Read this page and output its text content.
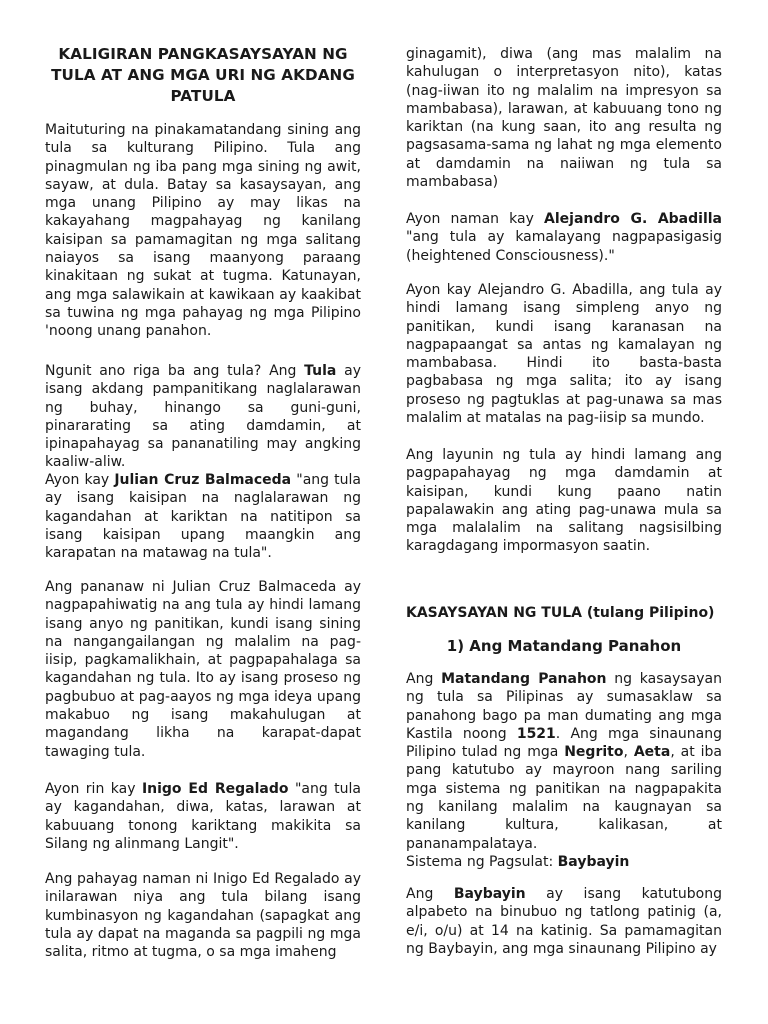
KALIGIRAN PANGKASAYSAYAN NG TULA AT ANG MGA URI NG AKDANG PATULA

Maituturing na pinakamatandang sining ang tula sa kulturang Pilipino. Tula ang pinagmulan ng iba pang mga sining ng awit, sayaw, at dula. Batay sa kasaysayan, ang mga unang Pilipino ay may likas na kakayahang magpahayag ng kanilang kaisipan sa pamamagitan ng mga salitang naiayos sa isang maanyong paraang kinakitaan ng sukat at tugma. Katunayan, ang mga salawikain at kawikaan ay kaakibat sa tuwina ng mga pahayag ng mga Pilipino 'noong unang panahon.

Ngunit ano riga ba ang tula? Ang Tula ay isang akdang pampanitikang naglalarawan ng buhay, hinango sa guni-guni, pinararating sa ating damdamin, at ipinapahayag sa pananatiling may angking kaaliw-aliw.

Ayon kay Julian Cruz Balmaceda "ang tula ay isang kaisipan na naglalarawan ng kagandahan at kariktan na natitipon sa isang kaisipan upang maangkin ang karapatan na matawag na tula".

Ang pananaw ni Julian Cruz Balmaceda ay nagpapahiwatig na ang tula ay hindi lamang isang anyo ng panitikan, kundi isang sining na nangangailangan ng malalim na pag-iisip, pagkamalikhain, at pagpapahalaga sa kagandahan ng tula. Ito ay isang proseso ng pagbubuo at pag-aayos ng mga ideya upang makabuo ng isang makahulugan at magandang likha na karapat-dapat tawaging tula.

Ayon rin kay Inigo Ed Regalado "ang tula ay kagandahan, diwa, katas, larawan at kabuuang tonong kariktang makikita sa Silang ng alinmang Langit".

Ang pahayag naman ni Inigo Ed Regalado ay inilarawan niya ang tula bilang isang kumbinasyon ng kagandahan (sapagkat ang tula ay dapat na maganda sa pagpili ng mga salita, ritmo at tugma, o sa mga imaheng

ginagamit), diwa (ang mas malalim na kahulugan o interpretasyon nito), katas (nag-iiwan ito ng malalim na impresyon sa mambabasa), larawan, at kabuuang tono ng kariktan (na kung saan, ito ang resulta ng pagsasama-sama ng lahat ng mga elemento at damdamin na naiiwan ng tula sa mambabasa)

Ayon naman kay Alejandro G. Abadilla "ang tula ay kamalayang nagpapasigasig (heightened Consciousness)."

Ayon kay Alejandro G. Abadilla, ang tula ay hindi lamang isang simpleng anyo ng panitikan, kundi isang karanasan na nagpapaangat sa antas ng kamalayan ng mambabasa. Hindi ito basta-basta pagbabasa ng mga salita; ito ay isang proseso ng pagtuklas at pag-unawa sa mas malalim at matalas na pag-iisip sa mundo.

Ang layunin ng tula ay hindi lamang ang pagpapahayag ng mga damdamin at kaisipan, kundi kung paano natin papalawakin ang ating pag-unawa mula sa mga malalalim na salitang nagsisilbing karagdagang impormasyon saatin.

KASAYSAYAN NG TULA (tulang Pilipino)
1) Ang Matandang Panahon

Ang Matandang Panahon ng kasaysayan ng tula sa Pilipinas ay sumasaklaw sa panahong bago pa man dumating ang mga Kastila noong 1521. Ang mga sinaunang Pilipino tulad ng mga Negrito, Aeta, at iba pang katutubo ay mayroon nang sariling mga sistema ng panitikan na nagpapakita ng kanilang malalim na kaugnayan sa kanilang kultura, kalikasan, at pananampalataya.

Sistema ng Pagsulat: Baybayin

Ang Baybayin ay isang katutubong alpabeto na binubuo ng tatlong patinig (a, e/i, o/u) at 14 na katinig. Sa pamamagitan ng Baybayin, ang mga sinaunang Pilipino ay
